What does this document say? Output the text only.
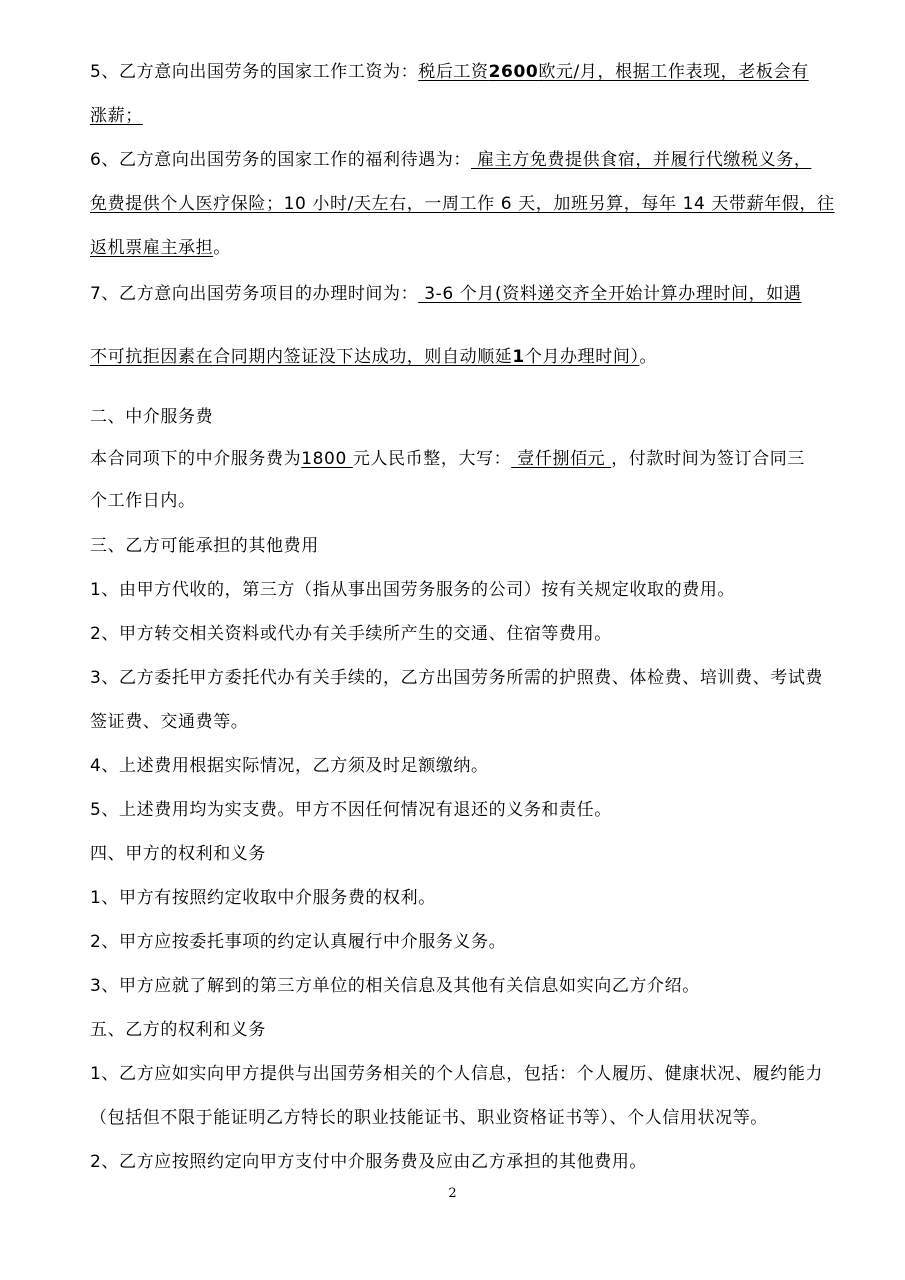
5、乙方意向出国劳务的国家工作工资为：税后工资2600欧元/月，根据工作表现，老板会有
涨薪；
6、乙方意向出国劳务的国家工作的福利待遇为： 雇主方免费提供食宿，并履行代缴税义务，
免费提供个人医疗保险；10 小时/天左右，一周工作 6 天，加班另算，每年 14 天带薪年假，往
返机票雇主承担。
7、乙方意向出国劳务项目的办理时间为： 3-6 个月(资料递交齐全开始计算办理时间，如遇
不可抗拒因素在合同期内签证没下达成功，则自动顺延1个月办理时间）。
二、中介服务费
本合同项下的中介服务费为1800 元人民币整，大写： 壹仟捌佰元 ，付款时间为签订合同三
个工作日内。
三、乙方可能承担的其他费用
1、由甲方代收的，第三方（指从事出国劳务服务的公司）按有关规定收取的费用。
2、甲方转交相关资料或代办有关手续所产生的交通、住宿等费用。
3、乙方委托甲方委托代办有关手续的，乙方出国劳务所需的护照费、体检费、培训费、考试费
签证费、交通费等。
4、上述费用根据实际情况，乙方须及时足额缴纳。
5、上述费用均为实支费。甲方不因任何情况有退还的义务和责任。
四、甲方的权利和义务
1、甲方有按照约定收取中介服务费的权利。
2、甲方应按委托事项的约定认真履行中介服务义务。
3、甲方应就了解到的第三方单位的相关信息及其他有关信息如实向乙方介绍。
五、乙方的权利和义务
1、乙方应如实向甲方提供与出国劳务相关的个人信息，包括：个人履历、健康状况、履约能力
（包括但不限于能证明乙方特长的职业技能证书、职业资格证书等）、个人信用状况等。
2、乙方应按照约定向甲方支付中介服务费及应由乙方承担的其他费用。
2
